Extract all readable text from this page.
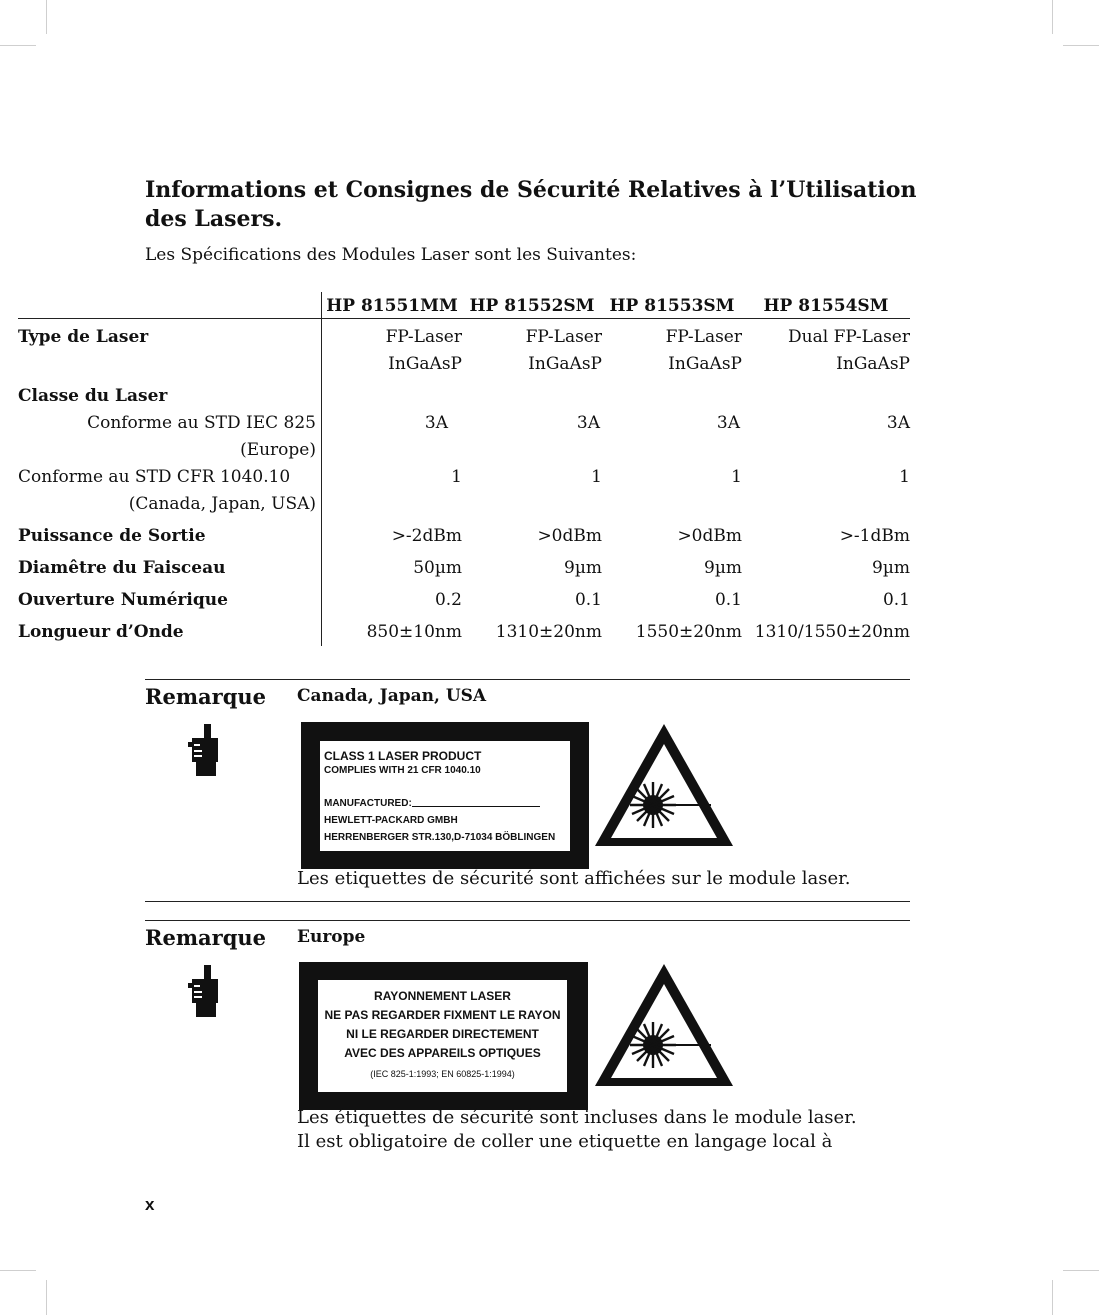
Informations et Consignes de Sécurité Relatives à l’Utilisation des Lasers.
Les Spécifications des Modules Laser sont les Suivantes:
	HP 81551MM	HP 81552SM	HP 81553SM	HP 81554SM
Type de Laser	FP-Laser	FP-Laser	FP-Laser	Dual FP-Laser
	InGaAsP	InGaAsP	InGaAsP	InGaAsP
Classe du Laser				
Conforme au STD IEC 825	3A	3A	3A	3A
(Europe)				
Conforme au STD CFR 1040.10	1	1	1	1
(Canada, Japan, USA)				
Puissance de Sortie	>-2dBm	>0dBm	>0dBm	>-1dBm
Diamêtre du Faisceau	50µm	9µm	9µm	9µm
Ouverture Numérique	0.2	0.1	0.1	0.1
Longueur d’Onde	850±10nm	1310±20nm	1550±20nm	1310/1550±20nm
Remarque Canada, Japan, USA
CLASS 1 LASER PRODUCT
COMPLIES WITH 21 CFR 1040.10
MANUFACTURED:
HEWLETT-PACKARD GMBH
HERRENBERGER STR.130,D-71034 BÖBLINGEN
Les etiquettes de sécurité sont affichées sur le module laser.
Remarque Europe
RAYONNEMENT LASER
NE PAS REGARDER FIXMENT LE RAYON
NI LE REGARDER DIRECTEMENT
AVEC DES APPAREILS OPTIQUES
(IEC 825-1:1993; EN 60825-1:1994)
Les étiquettes de sécurité sont incluses dans le module laser.
Il est obligatoire de coller une etiquette en langage local à
x
